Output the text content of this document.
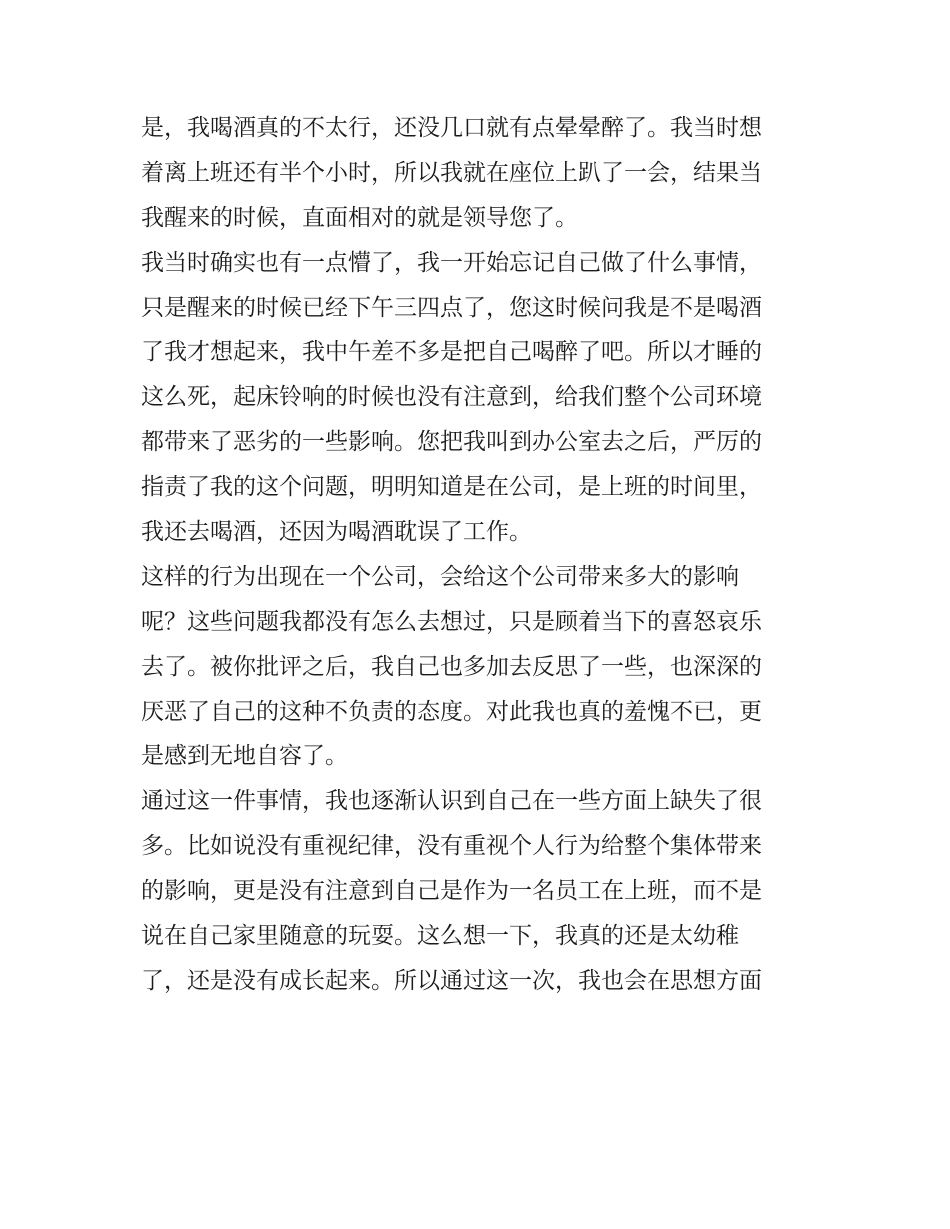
是，我喝酒真的不太行，还没几口就有点晕晕醉了。我当时想
着离上班还有半个小时，所以我就在座位上趴了一会，结果当
我醒来的时候，直面相对的就是领导您了。
我当时确实也有一点懵了，我一开始忘记自己做了什么事情，
只是醒来的时候已经下午三四点了，您这时候问我是不是喝酒
了我才想起来，我中午差不多是把自己喝醉了吧。所以才睡的
这么死，起床铃响的时候也没有注意到，给我们整个公司环境
都带来了恶劣的一些影响。您把我叫到办公室去之后，严厉的
指责了我的这个问题，明明知道是在公司，是上班的时间里，
我还去喝酒，还因为喝酒耽误了工作。
这样的行为出现在一个公司，会给这个公司带来多大的影响
呢？这些问题我都没有怎么去想过，只是顾着当下的喜怒哀乐
去了。被你批评之后，我自己也多加去反思了一些，也深深的
厌恶了自己的这种不负责的态度。对此我也真的羞愧不已，更
是感到无地自容了。
通过这一件事情，我也逐渐认识到自己在一些方面上缺失了很
多。比如说没有重视纪律，没有重视个人行为给整个集体带来
的影响，更是没有注意到自己是作为一名员工在上班，而不是
说在自己家里随意的玩耍。这么想一下，我真的还是太幼稚
了，还是没有成长起来。所以通过这一次，我也会在思想方面
